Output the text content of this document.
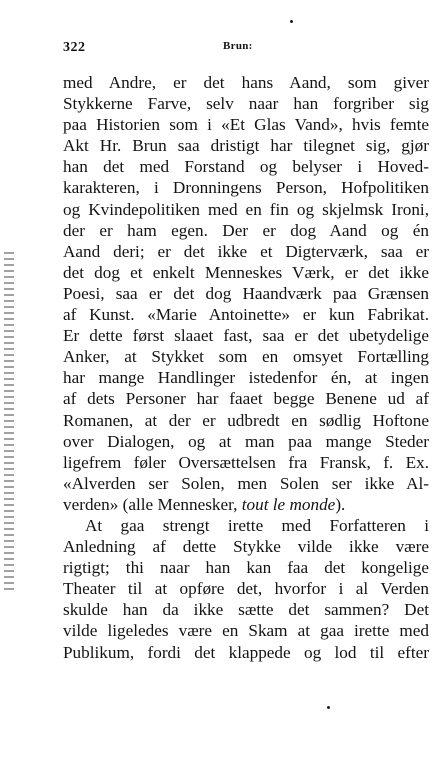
322	Brun:
med Andre, er det hans Aand, som giver
Stykkerne Farve, selv naar han forgriber sig
paa Historien som i «Et Glas Vand», hvis femte
Akt Hr. Brun saa dristigt har tilegnet sig, gjør
han det med Forstand og belyser i Hoved-
karakteren, i Dronningens Person, Hofpolitiken
og Kvindepolitiken med en fin og skjelmsk Ironi,
der er ham egen. Der er dog Aand og én
Aand deri; er det ikke et Digterværk, saa er
det dog et enkelt Menneskes Værk, er det ikke
Poesi, saa er det dog Haandværk paa Grænsen
af Kunst. «Marie Antoinette» er kun Fabrikat.
Er dette først slaaet fast, saa er det ubetydelige
Anker, at Stykket som en omsyet Fortælling
har mange Handlinger istedenfor én, at ingen
af dets Personer har faaet begge Benene ud af
Romanen, at der er udbredt en sødlig Hoftone
over Dialogen, og at man paa mange Steder
ligefrem føler Oversættelsen fra Fransk, f. Ex.
«Alverden ser Solen, men Solen ser ikke Al-
verden» (alle Mennesker, tout le monde).
At gaa strengt irette med Forfatteren i
Anledning af dette Stykke vilde ikke være
rigtigt; thi naar han kan faa det kongelige
Theater til at opføre det, hvorfor i al Verden
skulde han da ikke sætte det sammen? Det
vilde ligeledes være en Skam at gaa irette med
Publikum, fordi det klappede og lod til efter
